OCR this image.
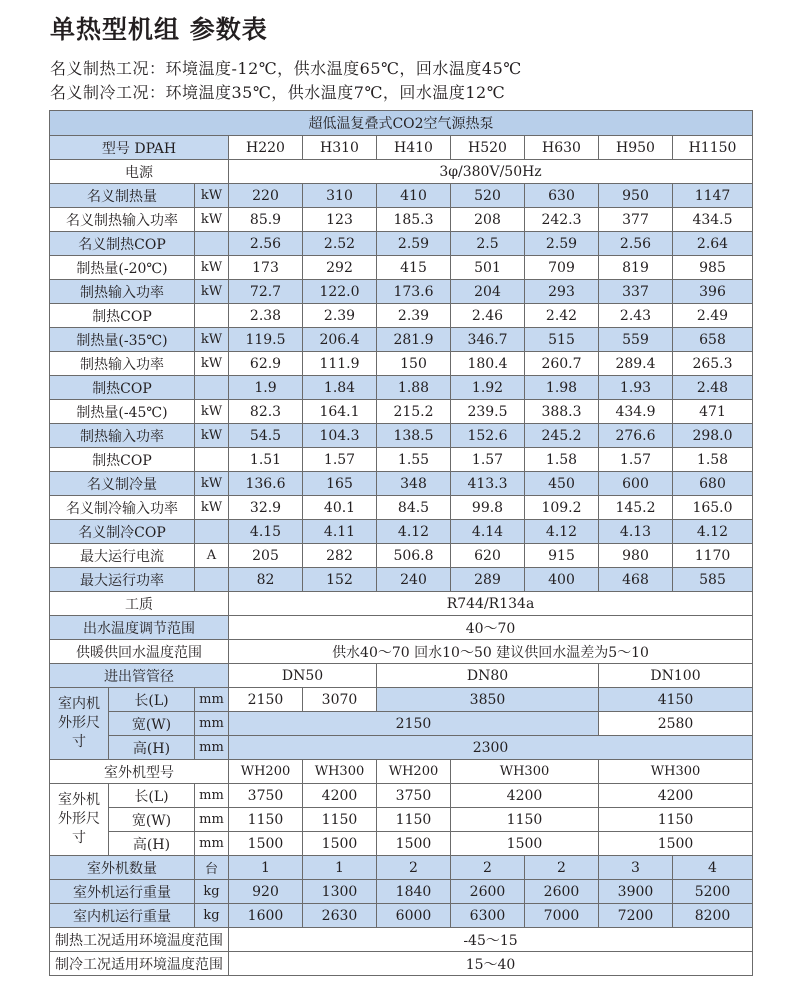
单热型机组 参数表

名义制热工况：环境温度-12℃，供水温度65℃，回水温度45℃

名义制冷工况：环境温度35℃，供水温度7℃，回水温度12℃

超低温复叠式CO2空气源热泵									
型号 DPAH			H220	H310	H410	H520	H630	H950	H1150
电源			3φ/380V/50Hz						
名义制热量		kW	220	310	410	520	630	950	1147
名义制热输入功率		kW	85.9	123	185.3	208	242.3	377	434.5
名义制热COP			2.56	2.52	2.59	2.5	2.59	2.56	2.64
制热量(-20℃)		kW	173	292	415	501	709	819	985
制热输入功率		kW	72.7	122.0	173.6	204	293	337	396
制热COP			2.38	2.39	2.39	2.46	2.42	2.43	2.49
制热量(-35℃)		kW	119.5	206.4	281.9	346.7	515	559	658
制热输入功率		kW	62.9	111.9	150	180.4	260.7	289.4	265.3
制热COP			1.9	1.84	1.88	1.92	1.98	1.93	2.48
制热量(-45℃)		kW	82.3	164.1	215.2	239.5	388.3	434.9	471
制热输入功率		kW	54.5	104.3	138.5	152.6	245.2	276.6	298.0
制热COP			1.51	1.57	1.55	1.57	1.58	1.57	1.58
名义制冷量		kW	136.6	165	348	413.3	450	600	680
名义制冷输入功率		kW	32.9	40.1	84.5	99.8	109.2	145.2	165.0
名义制冷COP			4.15	4.11	4.12	4.14	4.12	4.13	4.12
最大运行电流		A	205	282	506.8	620	915	980	1170
最大运行功率			82	152	240	289	400	468	585
工质			R744/R134a						
出水温度调节范围			40～70						
供暖供回水温度范围			供水40～70 回水10～50 建议供回水温差为5～10						
进出管管径			DN50		DN80			DN100	
室内机外形尺寸	长(L)	mm	2150	3070	3850			4150	
	宽(W)	mm	2150					2580	
	高(H)	mm	2300						
室外机型号			WH200	WH300	WH200	WH300		WH300	
室外机外形尺寸	长(L)	mm	3750	4200	3750	4200		4200	
	宽(W)	mm	1150	1150	1150	1150		1150	
	高(H)	mm	1500	1500	1500	1500		1500	
室外机数量		台	1	1	2	2	2	3	4
室外机运行重量		kg	920	1300	1840	2600	2600	3900	5200
室内机运行重量		kg	1600	2630	6000	6300	7000	7200	8200
制热工况适用环境温度范围			-45～15						
制冷工况适用环境温度范围			15～40						
